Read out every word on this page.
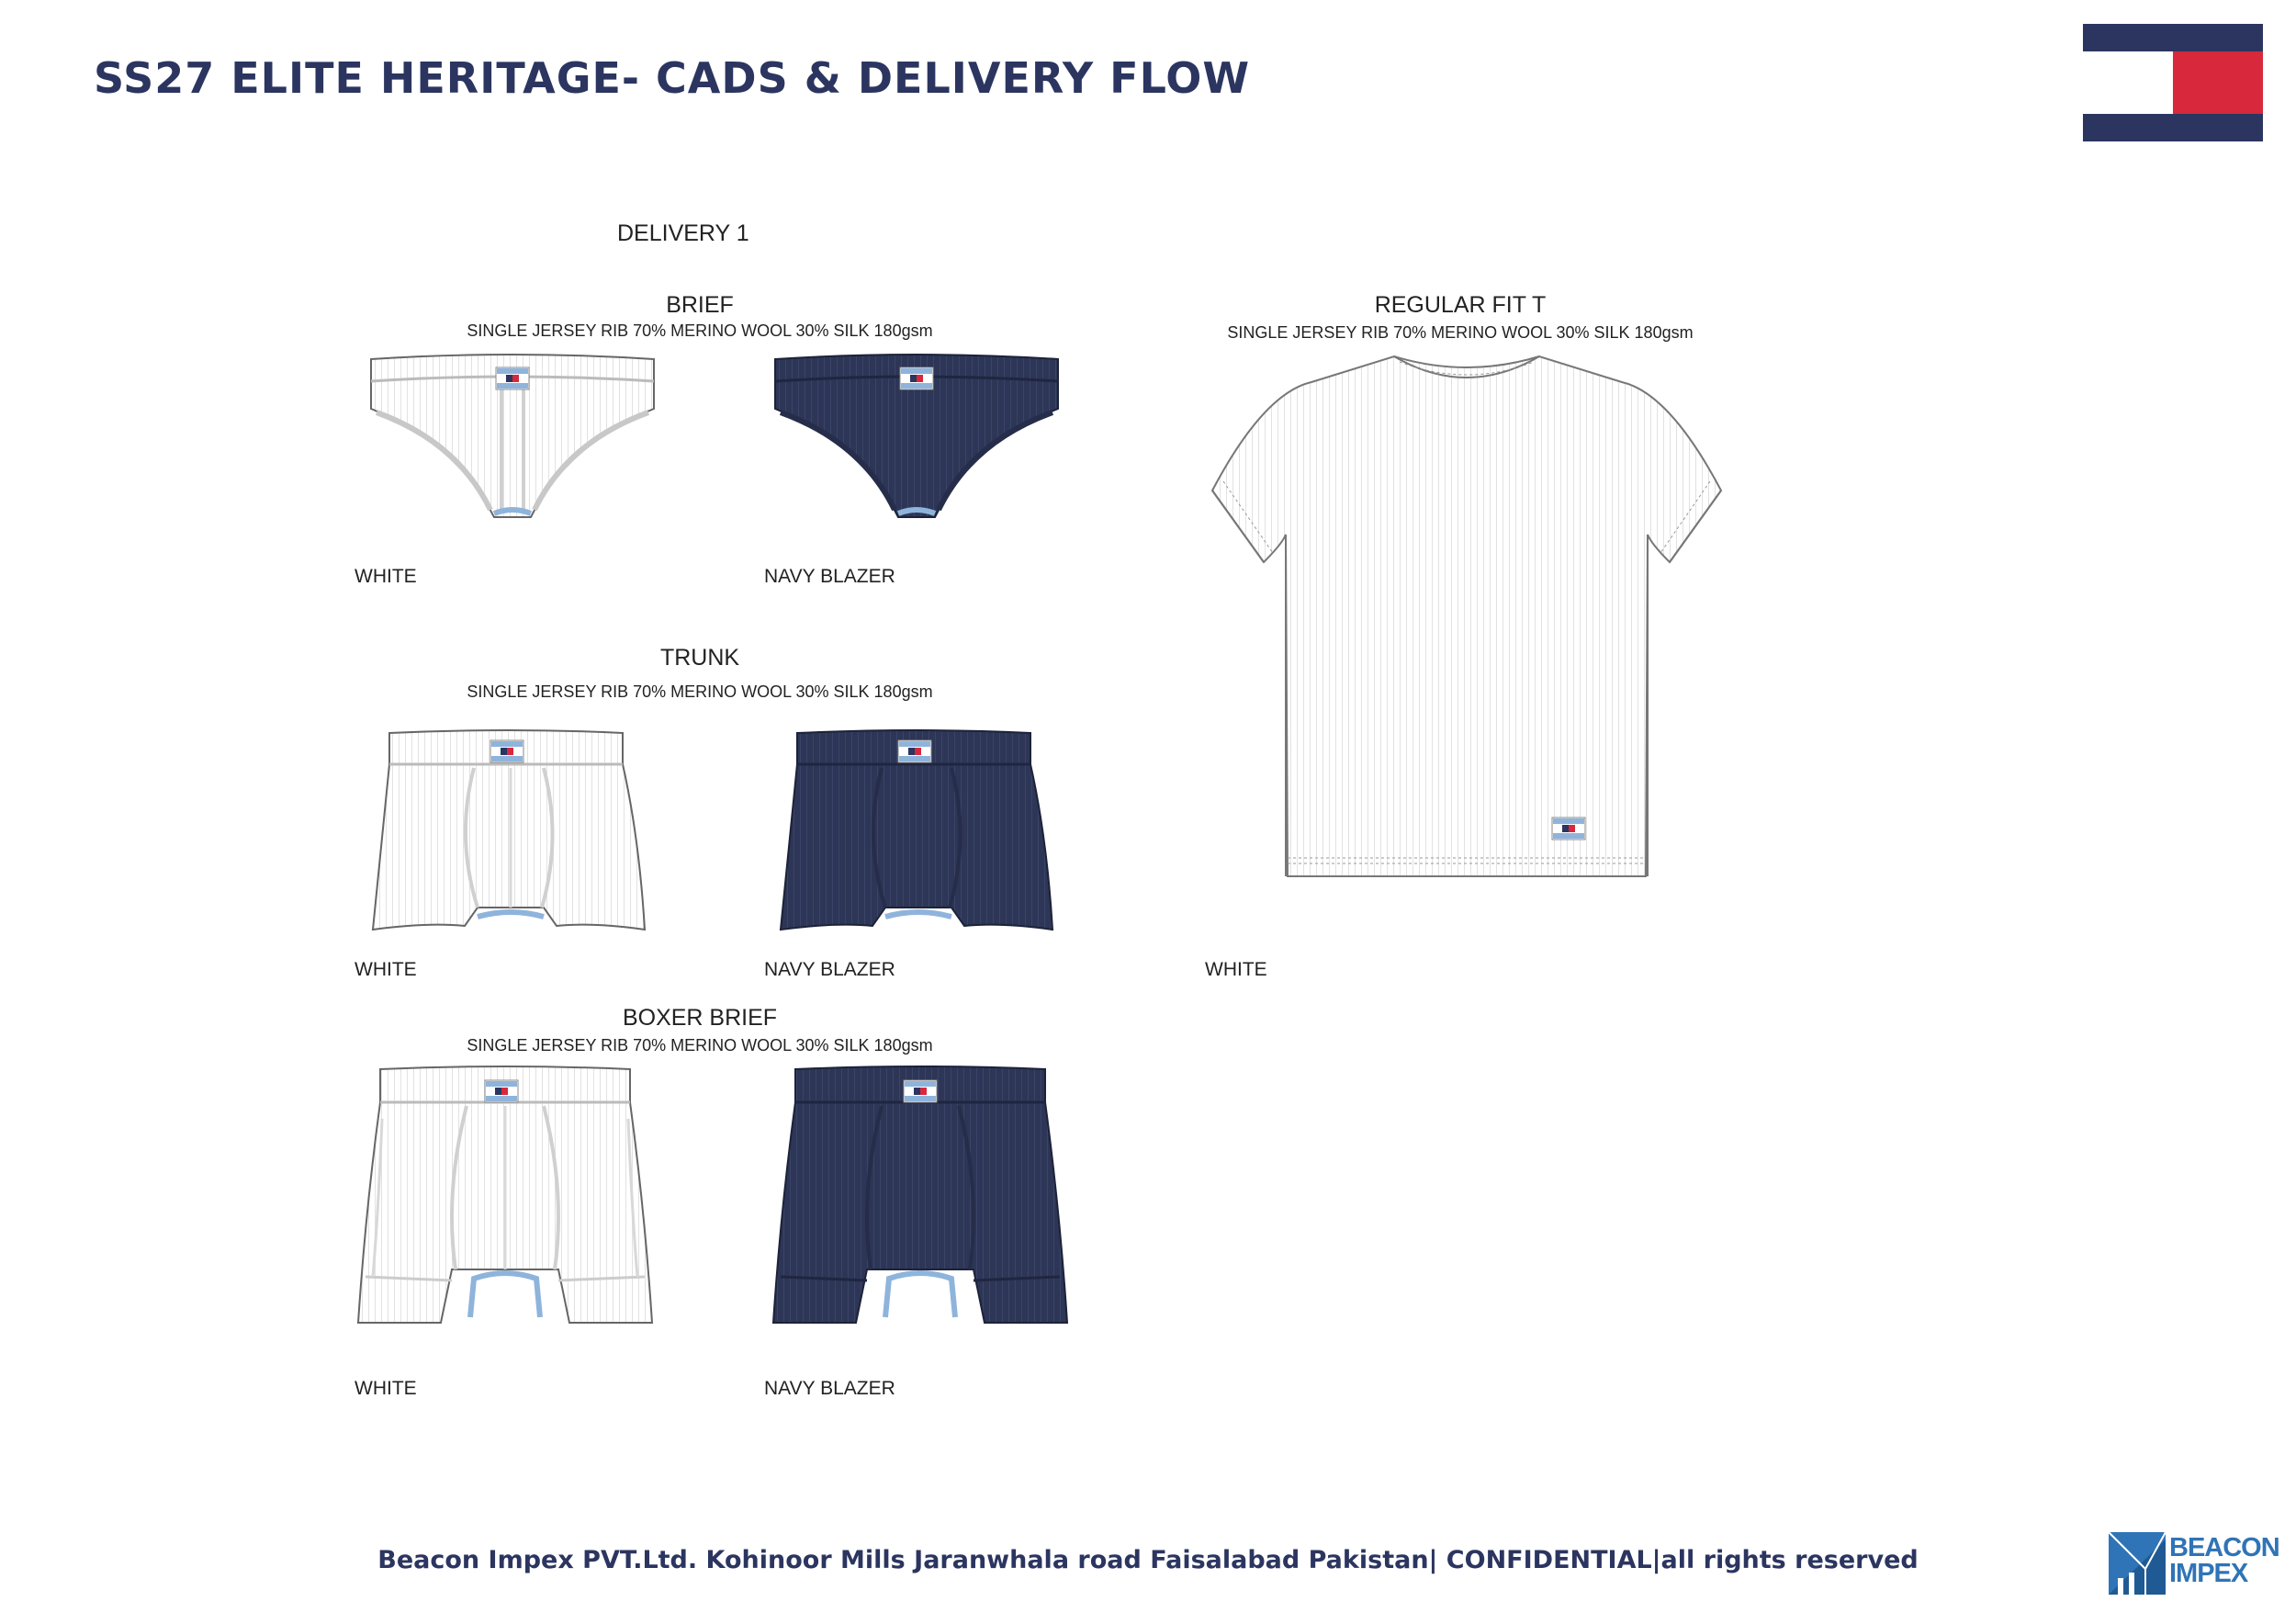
SS27 ELITE HERITAGE- CADS & DELIVERY FLOW
DELIVERY 1
BRIEF
SINGLE JERSEY RIB 70% MERINO WOOL 30% SILK 180gsm
WHITE	NAVY BLAZER
TRUNK
SINGLE JERSEY RIB 70% MERINO WOOL 30% SILK 180gsm
WHITE	NAVY BLAZER
BOXER BRIEF
SINGLE JERSEY RIB 70% MERINO WOOL 30% SILK 180gsm
WHITE	NAVY BLAZER
REGULAR FIT T
SINGLE JERSEY RIB 70% MERINO WOOL 30% SILK 180gsm
WHITE
Beacon Impex PVT.Ltd. Kohinoor Mills Jaranwhala road Faisalabad Pakistan| CONFIDENTIAL|all rights reserved	BEACON
IMPEX
